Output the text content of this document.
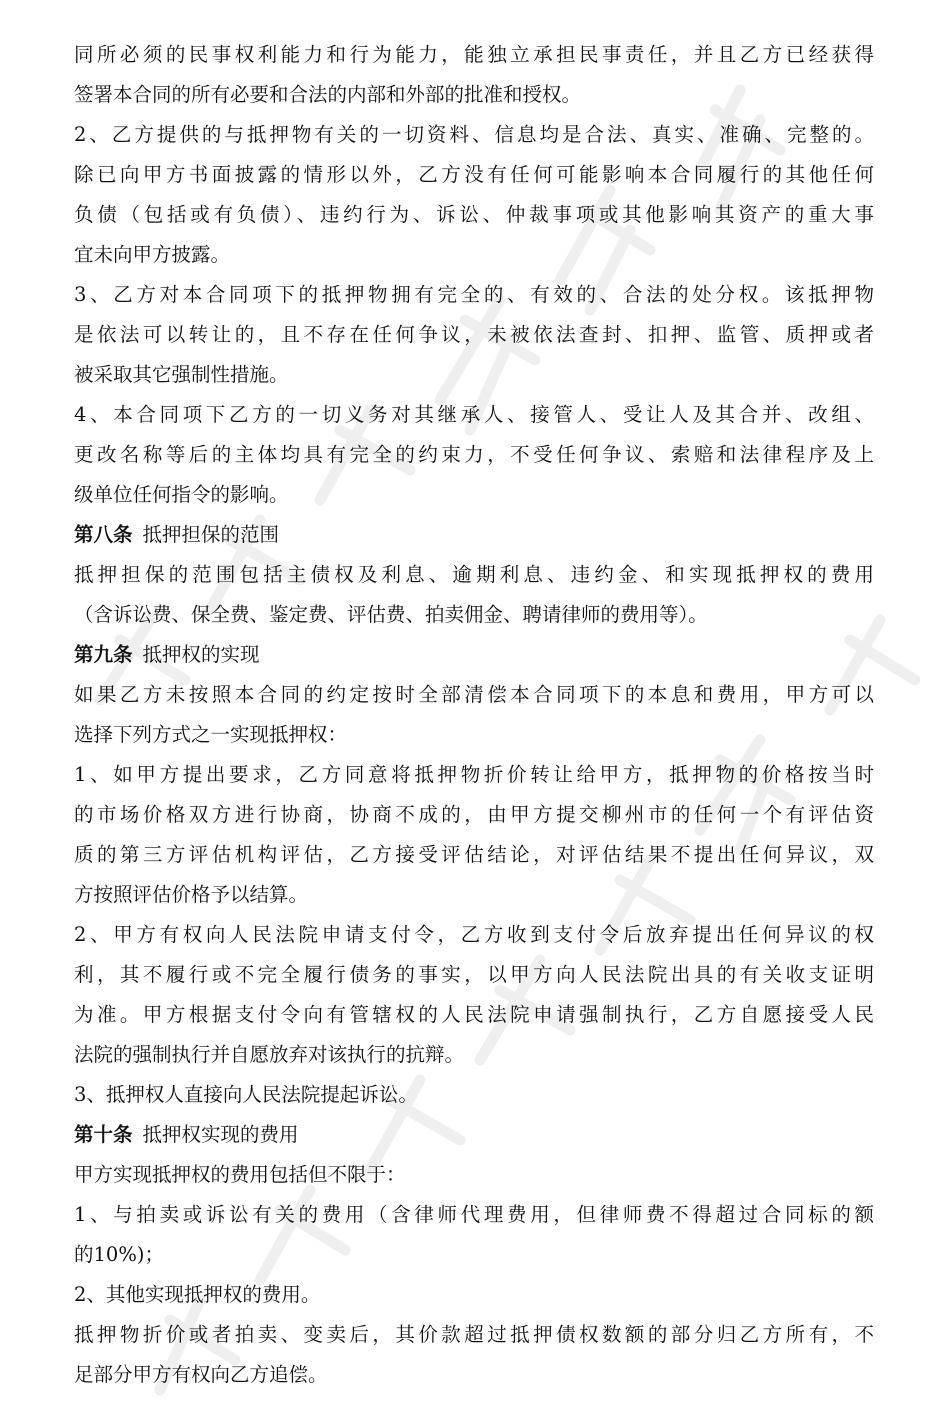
同所必须的民事权利能力和行为能力，能独立承担民事责任，并且乙方已经获得
签署本合同的所有必要和合法的内部和外部的批准和授权。
2、乙方提供的与抵押物有关的一切资料、信息均是合法、真实、准确、完整的。
除已向甲方书面披露的情形以外，乙方没有任何可能影响本合同履行的其他任何
负债（包括或有负债）、违约行为、诉讼、仲裁事项或其他影响其资产的重大事
宜未向甲方披露。
3、乙方对本合同项下的抵押物拥有完全的、有效的、合法的处分权。该抵押物
是依法可以转让的，且不存在任何争议，未被依法查封、扣押、监管、质押或者
被采取其它强制性措施。
4、本合同项下乙方的一切义务对其继承人、接管人、受让人及其合并、改组、
更改名称等后的主体均具有完全的约束力，不受任何争议、索赔和法律程序及上
级单位任何指令的影响。
第八条 抵押担保的范围
抵押担保的范围包括主债权及利息、逾期利息、违约金、和实现抵押权的费用
（含诉讼费、保全费、鉴定费、评估费、拍卖佣金、聘请律师的费用等）。
第九条 抵押权的实现
如果乙方未按照本合同的约定按时全部清偿本合同项下的本息和费用，甲方可以
选择下列方式之一实现抵押权：
1、如甲方提出要求，乙方同意将抵押物折价转让给甲方，抵押物的价格按当时
的市场价格双方进行协商，协商不成的，由甲方提交柳州市的任何一个有评估资
质的第三方评估机构评估，乙方接受评估结论，对评估结果不提出任何异议，双
方按照评估价格予以结算。
2、甲方有权向人民法院申请支付令，乙方收到支付令后放弃提出任何异议的权
利，其不履行或不完全履行债务的事实，以甲方向人民法院出具的有关收支证明
为准。甲方根据支付令向有管辖权的人民法院申请强制执行，乙方自愿接受人民
法院的强制执行并自愿放弃对该执行的抗辩。
3、抵押权人直接向人民法院提起诉讼。
第十条 抵押权实现的费用
甲方实现抵押权的费用包括但不限于：
1、与拍卖或诉讼有关的费用（含律师代理费用，但律师费不得超过合同标的额
的10%)；
2、其他实现抵押权的费用。
抵押物折价或者拍卖、变卖后，其价款超过抵押债权数额的部分归乙方所有，不
足部分甲方有权向乙方追偿。
